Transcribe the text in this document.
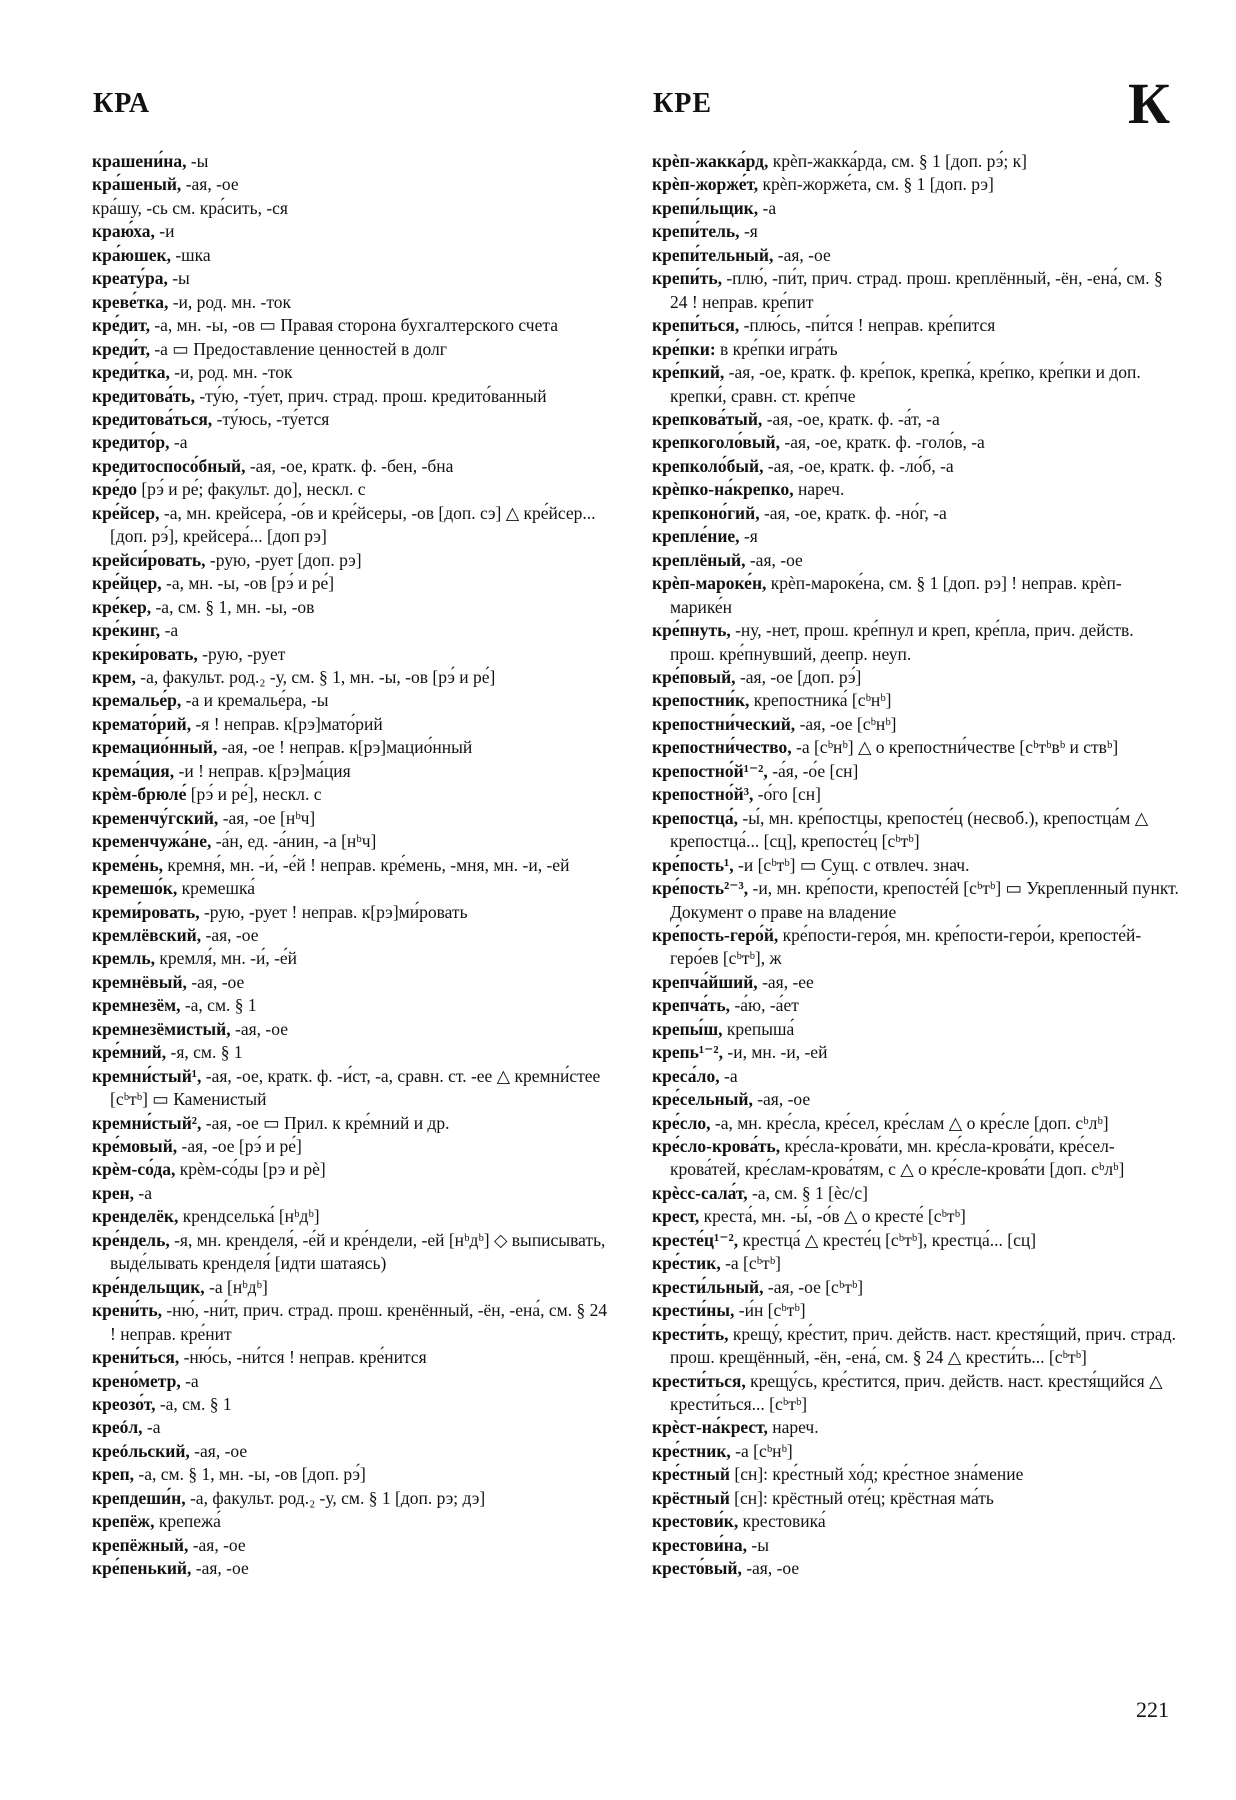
КРА	КРЕ	К

крашени́на, -ы

кра́шеный, -ая, -ое

кра́шу, -сь см. кра́сить, -ся

краю́ха, -и

кра́юшек, -шка

креату́ра, -ы

креве́тка, -и, род. мн. -ток

кре́дит, -а, мн. -ы, -ов ▭ Правая сторона бухгалтерского счета

креди́т, -а ▭ Предоставление ценностей в долг

креди́тка, -и, род. мн. -ток

кредитова́ть, -ту́ю, -ту́ет, прич. страд. прош. кредито́ванный

кредитова́ться, -ту́юсь, -ту́ется

кредито́р, -а

кредитоспосо́бный, -ая, -ое, кратк. ф. -бен, -бна

кре́до [рэ́ и ре́; факульт. до], нескл. с

кре́йсер, -а, мн. крейсера́, -о́в и кре́йсеры, -ов [доп. сэ] △ кре́йсер... [доп. рэ́], крейсера́... [доп рэ]

крейси́ровать, -рую, -рует [доп. рэ]

кре́йцер, -а, мн. -ы, -ов [рэ́ и ре́]

кре́кер, -а, см. § 1, мн. -ы, -ов

кре́кинг, -а

креки́ровать, -рую, -рует

крем, -а, факульт. род.₂ -у, см. § 1, мн. -ы, -ов [рэ́ и ре́]

кремалье́р, -а и кремалье́ра, -ы

кремато́рий, -я ! неправ. к[рэ]мато́рий

кремацио́нный, -ая, -ое ! неправ. к[рэ]мацио́нный

крема́ция, -и ! неправ. к[рэ]ма́ция

крѐм-брюле́ [рэ́ и ре́], нескл. с

кременчу́гский, -ая, -ое [нᵇч]

кременчужа́не, -а́н, ед. -а́нин, -а [нᵇч]

креме́нь, кремня́, мн. -и́, -е́й ! неправ. кре́мень, -мня, мн. -и, -ей

кремешо́к, кремешка́

креми́ровать, -рую, -рует ! неправ. к[рэ]ми́ровать

кремлёвский, -ая, -ое

кремль, кремля́, мн. -и́, -е́й

кремнёвый, -ая, -ое

кремнезём, -а, см. § 1

кремнезёмистый, -ая, -ое

кре́мний, -я, см. § 1

кремни́стый¹, -ая, -ое, кратк. ф. -и́ст, -а, сравн. ст. -ее △ кремни́стее [сᵇтᵇ] ▭ Каменистый

кремни́стый², -ая, -ое ▭ Прил. к кре́мний и др.

кре́мовый, -ая, -ое [рэ́ и ре́]

крѐм-со́да, крѐм-со́ды [рэ и рѐ]

крен, -а

кренделёк, крендселька́ [нᵇдᵇ]

кре́ндель, -я, мн. кренделя́, -е́й и кре́ндели, -ей [нᵇдᵇ] ◇ выписывать, выде́лывать кренделя́ [идти шатаясь)

кре́ндельщик, -а [нᵇдᵇ]

крени́ть, -ню́, -ни́т, прич. страд. прош. кренённый, -ён, -ена́, см. § 24 ! неправ. кре́нит

крени́ться, -ню́сь, -ни́тся ! неправ. кре́нится

крено́метр, -а

креозо́т, -а, см. § 1

креóл, -а

креóльский, -ая, -ое

креп, -а, см. § 1, мн. -ы, -ов [доп. рэ́]

крепдеши́н, -а, факульт. род.₂ -у, см. § 1 [доп. рэ; дэ]

крепёж, крепежа́

крепёжный, -ая, -ое

кре́пенький, -ая, -ое

крѐп-жакка́рд, крѐп-жакка́рда, см. § 1 [доп. рэ́; к]

крѐп-жорже́т, крѐп-жорже́та, см. § 1 [доп. рэ]

крепи́льщик, -а

крепи́тель, -я

крепи́тельный, -ая, -ое

крепи́ть, -плю́, -пи́т, прич. страд. прош. креплённый, -ён, -ена́, см. § 24 ! неправ. кре́пит

крепи́ться, -плю́сь, -пи́тся ! неправ. кре́пится

кре́пки: в кре́пки игра́ть

кре́пкий, -ая, -ое, кратк. ф. кре́пок, крепка́, кре́пко, кре́пки и доп. крепки́, сравн. ст. кре́пче

крепкова́тый, -ая, -ое, кратк. ф. -а́т, -а

крепкоголо́вый, -ая, -ое, кратк. ф. -голо́в, -а

крепколо́бый, -ая, -ое, кратк. ф. -ло́б, -а

крѐпко-на́крепко, нареч.

крепконо́гий, -ая, -ое, кратк. ф. -но́г, -а

крепле́ние, -я

креплёный, -ая, -ое

крѐп-мароке́н, крѐп-мароке́на, см. § 1 [доп. рэ] ! неправ. крѐп-марике́н

кре́пнуть, -ну, -нет, прош. кре́пнул и креп, кре́пла, прич. действ. прош. кре́пнувший, деепр. неуп.

кре́повый, -ая, -ое [доп. рэ́]

крепостни́к, крепостника́ [сᵇнᵇ]

крепостни́ческий, -ая, -ое [сᵇнᵇ]

крепостни́чество, -а [сᵇнᵇ] △ о крепостни́честве [сᵇтᵇвᵇ и ствᵇ]

крепостно́й¹⁻², -а́я, -о́е [сн]

крепостно́й³, -о́го [сн]

крепостца́, -ы́, мн. кре́постцы, крепосте́ц (несвоб.), крепостца́м △ крепостца́... [сц], крепосте́ц [сᵇтᵇ]

кре́пость¹, -и [сᵇтᵇ] ▭ Сущ. с отвлеч. знач.

кре́пость²⁻³, -и, мн. кре́пости, крепосте́й [сᵇтᵇ] ▭ Укрепленный пункт. Документ о праве на владение

кре́пость-геро́й, кре́пости-геро́я, мн. кре́пости-геро́и, крепосте́й-геро́ев [сᵇтᵇ], ж

крепча́йший, -ая, -ее

крепча́ть, -а́ю, -а́ет

крепы́ш, крепыша́

крепь¹⁻², -и, мн. -и, -ей

креса́ло, -а

кре́сельный, -ая, -ое

кре́сло, -а, мн. кре́сла, кре́сел, кре́слам △ о кре́сле [доп. сᵇлᵇ]

кре́сло-крова́ть, кре́сла-крова́ти, мн. кре́сла-крова́ти, кре́сел-крова́тей, кре́слам-крова́тям, с △ о кре́сле-крова́ти [доп. сᵇлᵇ]

крѐсс-сала́т, -а, см. § 1 [ѐс/с]

крест, креста́, мн. -ы́, -о́в △ о кресте́ [сᵇтᵇ]

кресте́ц¹⁻², крестца́ △ кресте́ц [сᵇтᵇ], крестца́... [сц]

кре́стик, -а [сᵇтᵇ]

крести́льный, -ая, -ое [сᵇтᵇ]

крести́ны, -и́н [сᵇтᵇ]

крести́ть, крещу́, кре́стит, прич. действ. наст. крестя́щий, прич. страд. прош. крещённый, -ён, -ена́, см. § 24 △ крести́ть... [сᵇтᵇ]

крести́ться, крещу́сь, кре́стится, прич. действ. наст. крестя́щийся △ крести́ться... [сᵇтᵇ]

крѐст-на́крест, нареч.

кре́стник, -а [сᵇнᵇ]

кре́стный [сн]: кре́стный хо́д; кре́стное зна́мение

крёстный [сн]: крёстный оте́ц; крёстная ма́ть

крестови́к, крестовика́

крестови́на, -ы

кресто́вый, -ая, -ое

221
